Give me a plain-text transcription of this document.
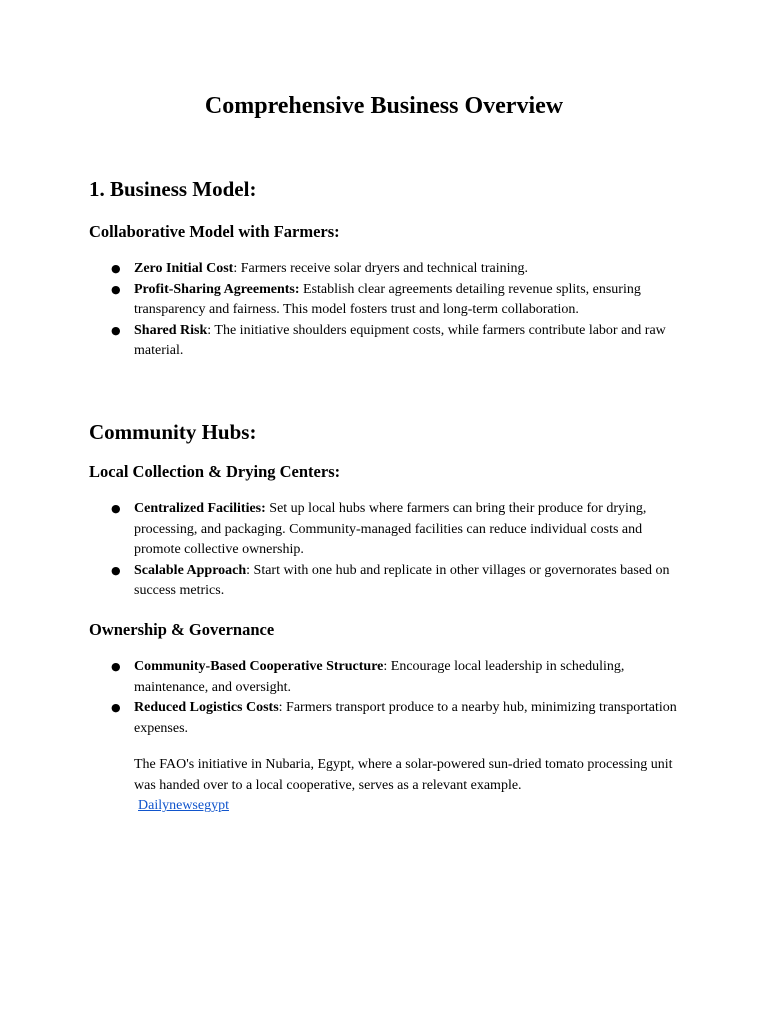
Comprehensive Business Overview
1. Business Model:
Collaborative Model with Farmers:
● Zero Initial Cost: Farmers receive solar dryers and technical training.
● Profit-Sharing Agreements: Establish clear agreements detailing revenue splits, ensuring transparency and fairness. This model fosters trust and long-term collaboration.
● Shared Risk: The initiative shoulders equipment costs, while farmers contribute labor and raw material.
Community Hubs:
Local Collection & Drying Centers:
● Centralized Facilities: Set up local hubs where farmers can bring their produce for drying, processing, and packaging. Community-managed facilities can reduce individual costs and promote collective ownership.
● Scalable Approach: Start with one hub and replicate in other villages or governorates based on success metrics.
Ownership & Governance
● Community-Based Cooperative Structure: Encourage local leadership in scheduling, maintenance, and oversight.
● Reduced Logistics Costs: Farmers transport produce to a nearby hub, minimizing transportation expenses.

The FAO's initiative in Nubaria, Egypt, where a solar-powered sun-dried tomato processing unit was handed over to a local cooperative, serves as a relevant example.
Dailynewsegypt
